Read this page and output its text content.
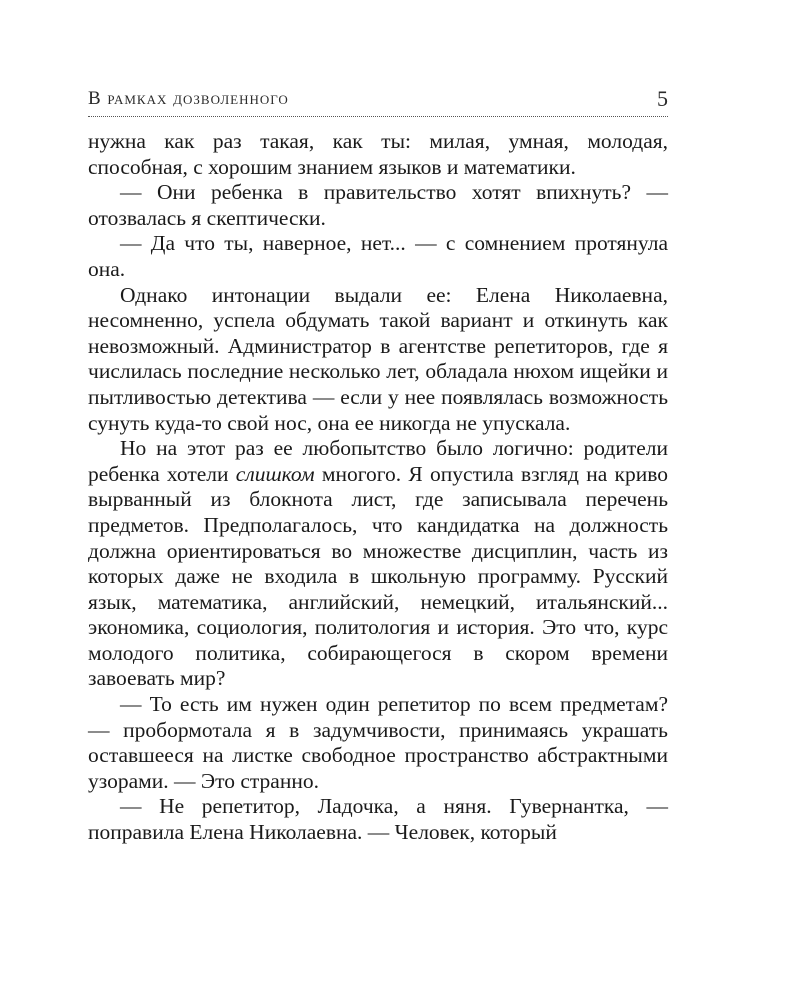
В рамках дозволенного	5

нужна как раз такая, как ты: милая, умная, молодая, способная, с хорошим знанием языков и математики.

— Они ребенка в правительство хотят впихнуть? — отозвалась я скептически.

— Да что ты, наверное, нет... — с сомнением протянула она.

Однако интонации выдали ее: Елена Николаевна, несомненно, успела обдумать такой вариант и откинуть как невозможный. Администратор в агентстве репетиторов, где я числилась последние несколько лет, обладала нюхом ищейки и пытливостью детектива — если у нее появлялась возможность сунуть куда-то свой нос, она ее никогда не упускала.

Но на этот раз ее любопытство было логично: родители ребенка хотели слишком многого. Я опустила взгляд на криво вырванный из блокнота лист, где записывала перечень предметов. Предполагалось, что кандидатка на должность должна ориентироваться во множестве дисциплин, часть из которых даже не входила в школьную программу. Русский язык, математика, английский, немецкий, итальянский... экономика, социология, политология и история. Это что, курс молодого политика, собирающегося в скором времени завоевать мир?

— То есть им нужен один репетитор по всем предметам? — пробормотала я в задумчивости, принимаясь украшать оставшееся на листке свободное пространство абстрактными узорами. — Это странно.

— Не репетитор, Ладочка, а няня. Гувернантка, — поправила Елена Николаевна. — Человек, который
